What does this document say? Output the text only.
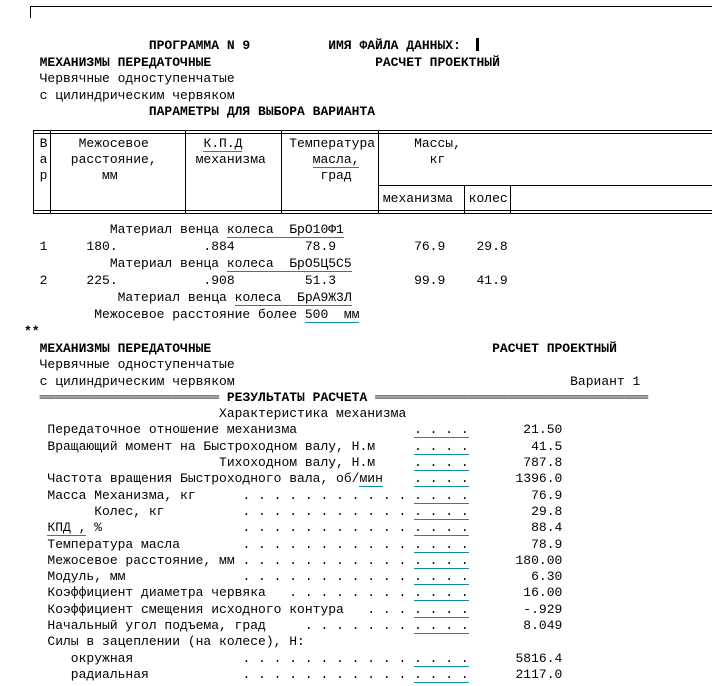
ПРОГРАММА N 9          ИМЯ ФАЙЛА ДАННЫХ:
МЕХАНИЗМЫ ПЕРЕДАТОЧНЫЕ	РАСЧЕТ ПРОЕКТНЫЙ
Червячные одноступенчатые
с цилиндрическим червяком
ПАРАМЕТРЫ ДЛЯ ВЫБОРА ВАРИАНТА
В    Межосевое       К.П.Д      Температура     Массы,
а   расстояние,     механизма      масла,         кг
р       мм                          град
механизма  колес
Материал венца колеса  БрО10Ф1
1     180.           .884         78.9          76.9    29.8
Материал венца колеса  БрО5Ц5С5
2     225.           .908         51.3          99.9    41.9
Материал венца колеса  БрА9Ж3Л
Межосевое расстояние более 500  мм
**
МЕХАНИЗМЫ ПЕРЕДАТОЧНЫЕ	РАСЧЕТ ПРОЕКТНЫЙ
Червячные одноступенчатые
с цилиндрическим червяком	Вариант 1
═══════════════════════ РЕЗУЛЬТАТЫ РАСЧЕТА ═══════════════════════════════════
Характеристика механизма
Передаточное отношение механизма               . . . .       21.50
Вращающий момент на Быстроходном валу, Н.м     . . . .        41.5
Тихоходном валу, Н.м     . . . .       787.8
Частота вращения Быстроходного вала, об/мин . . . .      1396.0
Масса Механизма, кг      . . . . . . . . . . . . . . .        76.9
Колес, кг          . . . . . . . . . . . . . . .        29.8
КПД , %                  . . . . . . . . . . . . . . .        88.4
Температура масла        . . . . . . . . . . . . . . .        78.9
Межосевое расстояние, мм . . . . . . . . . . . . . . .      180.00
Модуль, мм               . . . . . . . . . . . . . . .        6.30
Коэффициент диаметра червяка   . . . . . . . . . . . .       16.00
Коэффициент смещения исходного контура   . . . . . . .       -.929
Начальный угол подъема, град     . . . . . . . . . . .       8.049
Силы в зацеплении (на колесе), Н:
окружная              . . . . . . . . . . . . . . .      5816.4
радиальная            . . . . . . . . . . . . . . .      2117.0
